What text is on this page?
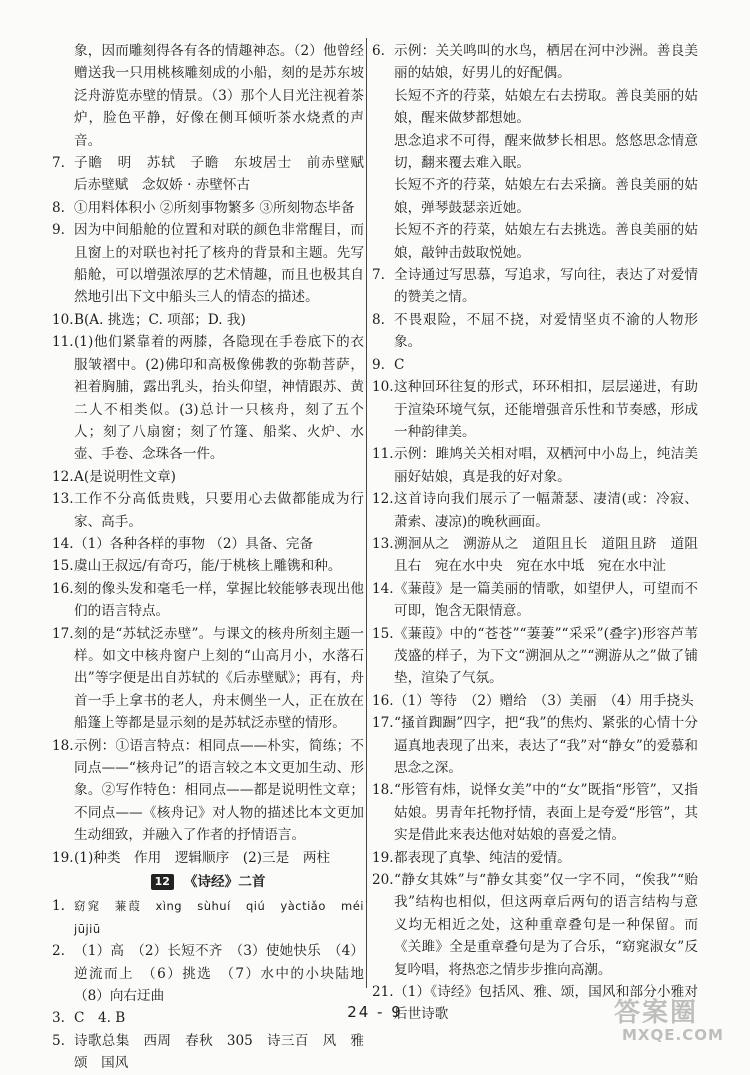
象，因而雕刻得各有各的情趣神态。（2）他曾经赠送我一只用桃核雕刻成的小船，刻的是苏东坡泛舟游览赤壁的情景。（3）那个人目光注视着茶炉，脸色平静，好像在侧耳倾听茶水烧煮的声音。
7. 子瞻　明　苏轼　子瞻　东坡居士　前赤壁赋　后赤壁赋　念奴娇 · 赤壁怀古
8. ①用料体积小 ②所刻事物繁多 ③所刻物态毕备
9. 因为中间船舱的位置和对联的颜色非常醒目，而且窗上的对联也衬托了核舟的背景和主题。先写船舱，可以增强浓厚的艺术情趣，而且也极其自然地引出下文中船头三人的情态的描述。
10. B(A. 挑选；C. 项部；D. 我)
11. (1)他们紧靠着的两膝，各隐现在手卷底下的衣服皱褶中。(2)佛印和高极像佛教的弥勒菩萨，袒着胸脯，露出乳头，抬头仰望，神情跟苏、黄二人不相类似。(3)总计一只核舟，刻了五个人；刻了八扇窗；刻了竹篷、船桨、火炉、水壶、手卷、念珠各一件。
12. A(是说明性文章)
13. 工作不分高低贵贱，只要用心去做都能成为行家、高手。
14. （1）各种各样的事物 （2）具备、完备
15. 虞山王叔远/有奇巧，能/于桃核上雕镌和种。
16. 刻的像头发和毫毛一样，掌握比较能够表现出他们的语言特点。
17. 刻的是“苏轼泛赤壁”。与课文的核舟所刻主题一样。如文中核舟窗户上刻的“山高月小，水落石出”等字便是出自苏轼的《后赤壁赋》；再有，舟首一手上拿书的老人，舟末侧坐一人，正在放在船篷上等都是显示刻的是苏轼泛赤壁的情形。
18. 示例：①语言特点：相同点——朴实，简练；不同点——“核舟记”的语言较之本文更加生动、形象。②写作特色：相同点——都是说明性文章；不同点——《核舟记》对人物的描述比本文更加生动细致，并融入了作者的抒情语言。
19. (1)种类　作用　逻辑顺序　(2)三是　两柱
12 《诗经》二首
1. 窈窕　蒹葭　xìng　sùhuí　qiú　yàctiǎo　méi　jūjiū
2. （1）高　（2）长短不齐　（3）使她快乐　（4）逆流而上　（6）挑选　（7）水中的小块陆地　（8）向右迂曲
3. C　4. B
5. 诗歌总集　西周　春秋　305　诗三百　风　雅　颂　国风
6. 示例：关关鸣叫的水鸟，栖居在河中沙洲。善良美丽的姑娘，好男儿的好配偶。
长短不齐的荇菜，姑娘左右去捞取。善良美丽的姑娘，醒来做梦都想她。
思念追求不可得，醒来做梦长相思。悠悠思念情意切，翻来覆去难入眠。
长短不齐的荇菜，姑娘左右去采摘。善良美丽的姑娘，弹琴鼓瑟亲近她。
长短不齐的荇菜，姑娘左右去挑选。善良美丽的姑娘，敲钟击鼓取悦她。
7. 全诗通过写思慕，写追求，写向往，表达了对爱情的赞美之情。
8. 不畏艰险，不屈不挠，对爱情坚贞不渝的人物形象。
9. C
10. 这种回环往复的形式，环环相扣，层层递进，有助于渲染环境气氛，还能增强音乐性和节奏感，形成一种韵律美。
11. 示例：雎鸠关关相对唱，双栖河中小岛上，纯洁美丽好姑娘，真是我的好对象。
12. 这首诗向我们展示了一幅萧瑟、凄清(或：冷寂、萧索、凄凉)的晚秋画面。
13. 溯洄从之　溯游从之　道阻且长　道阻且跻　道阻且右　宛在水中央　宛在水中坻　宛在水中沚
14. 《蒹葭》是一篇美丽的情歌，如望伊人，可望而不可即，饱含无限情意。
15. 《蒹葭》中的“苍苍”“萋萋”“采采”(叠字)形容芦苇茂盛的样子，为下文“溯洄从之”“溯游从之”做了铺垫，渲染了气氛。
16. （1）等待　（2）赠给　（3）美丽　（4）用手挠头
17. “搔首踟蹰”四字，把“我”的焦灼、紧张的心情十分逼真地表现了出来，表达了“我”对“静女”的爱慕和思念之深。
18. “彤管有炜，说怿女美”中的“女”既指“彤管”，又指姑娘。男青年托物抒情，表面上是夸爱“彤管”，其实是借此来表达他对姑娘的喜爱之情。
19. 都表现了真挚、纯洁的爱情。
20. “静女其姝”与“静女其娈”仅一字不同，“俟我”“贻我”结构也相似，但这两章后两句的语言结构与意义均无相近之处，这种重章叠句是一种保留。而《关雎》全是重章叠句是为了合乐，“窈窕淑女”反复吟唱，将热恋之情步步推向高潮。
21. （1）《诗经》包括风、雅、颂，国风和部分小雅对后世诗歌
24 - 9	答案圈
MXQE.COM
